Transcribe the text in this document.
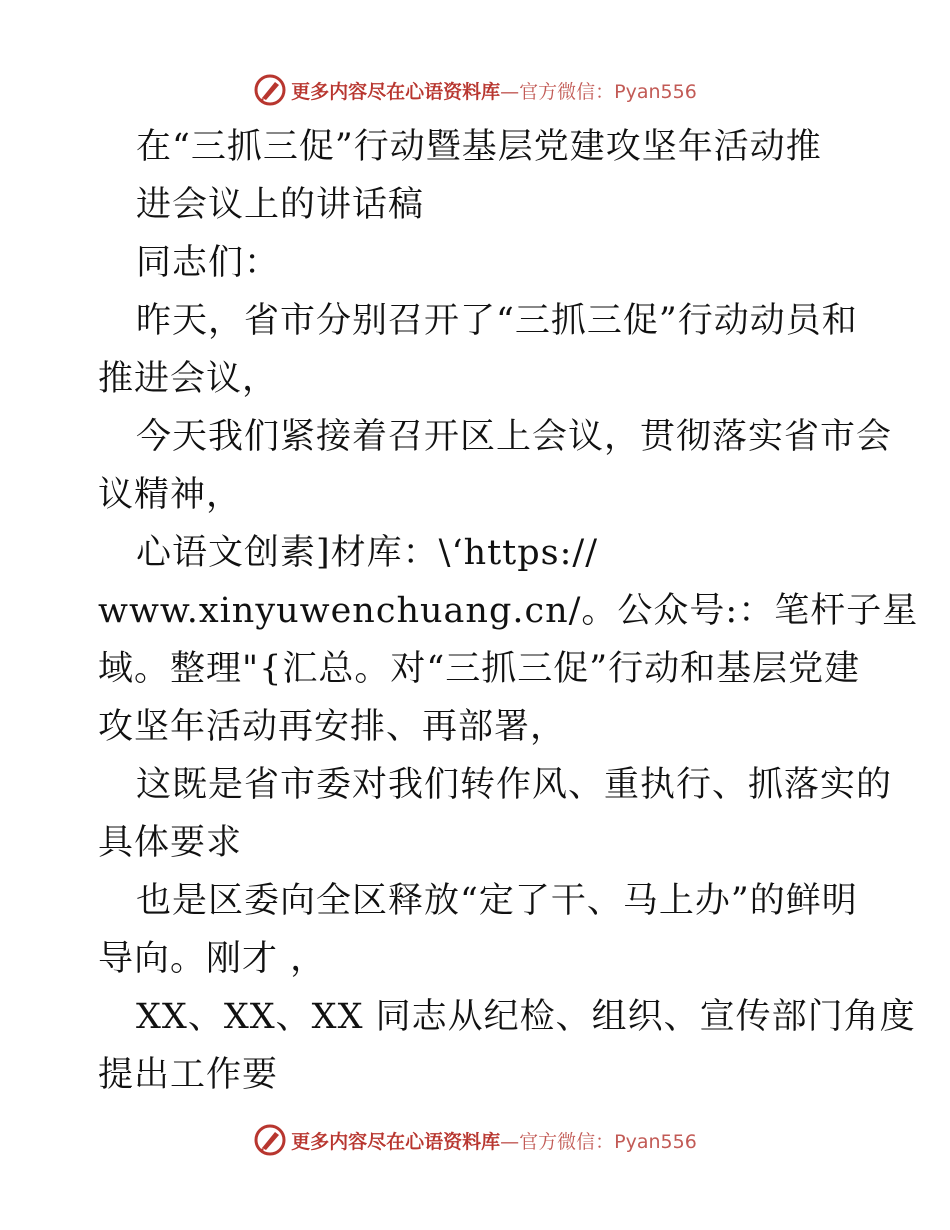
更多内容尽在心语资料库 —官方微信：Pyan556
在“三抓三促”行动暨基层党建攻坚年活动推
进会议上的讲话稿
同志们：
昨天，省市分别召开了“三抓三促”行动动员和
推进会议，
今天我们紧接着召开区上会议，贯彻落实省市会
议精神，
心语文创素]材库：\‘https://
www.xinyuwenchuang.cn/。公众号:：笔杆子星
域。整理"{汇总。对“三抓三促”行动和基层党建
攻坚年活动再安排、再部署，
这既是省市委对我们转作风、重执行、抓落实的
具体要求
也是区委向全区释放“定了干、马上办”的鲜明
导向。刚才 ，
XX、XX、XX 同志从纪检、组织、宣传部门角度
提出工作要
更多内容尽在心语资料库 —官方微信：Pyan556
